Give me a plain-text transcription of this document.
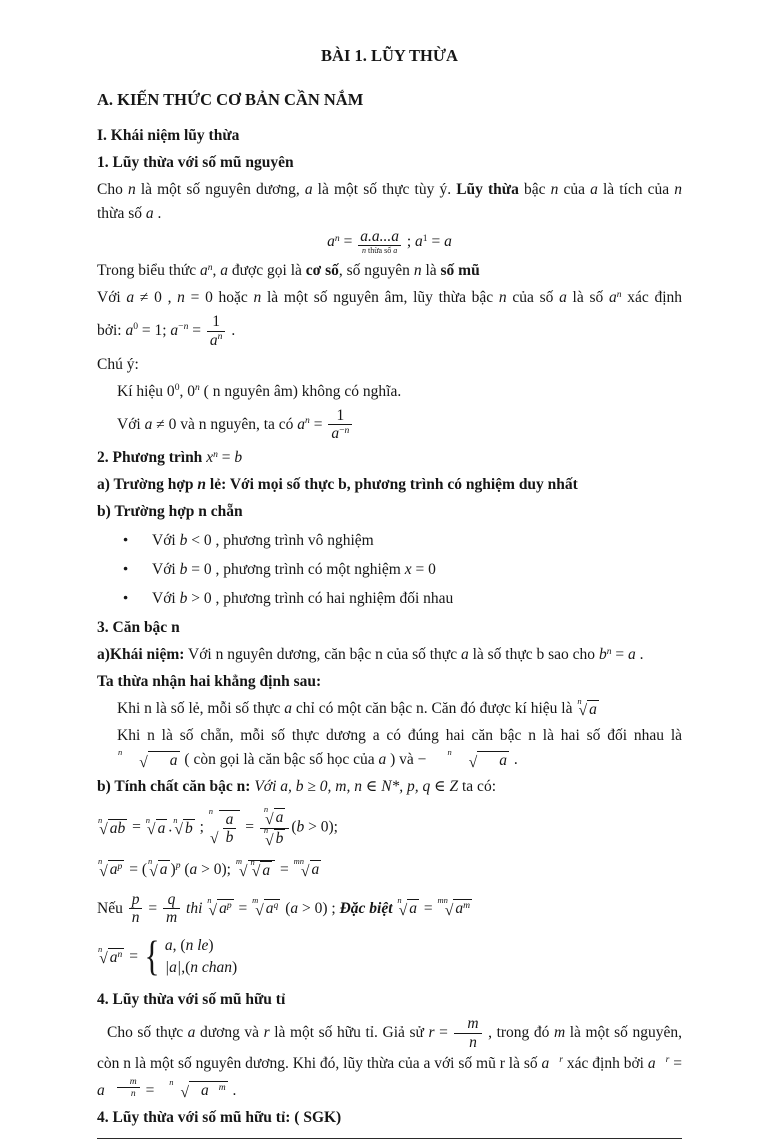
BÀI 1. LŨY THỪA
A. KIẾN THỨC CƠ BẢN CẦN NẮM
I. Khái niệm lũy thừa
1. Lũy thừa với số mũ nguyên
Cho n là một số nguyên dương, a là một số thực tùy ý. Lũy thừa bậc n của a là tích của n thừa số a .
an = a.a...a
n thừa số a
; a1 = a
Trong biểu thức an, a được gọi là cơ số, số nguyên n là số mũ
Với a ≠ 0 , n = 0 hoặc n là một số nguyên âm, lũy thừa bậc n của số a là số an xác định
bởi: a0 = 1; $a-n = \frac{1}{an}$ .
Chú ý:
Kí hiệu 00, 0n ( n nguyên âm) không có nghĩa.
Với a ≠ 0 và n nguyên, ta có an = $\frac{1}{a-n}$
2. Phương trình xn = b
a) Trường hợp n lẻ: Với mọi số thực b, phương trình có nghiệm duy nhất
b) Trường hợp n chẵn
● Với b < 0 , phương trình vô nghiệm
● Với b = 0 , phương trình có một nghiệm x = 0
● Với b > 0 , phương trình có hai nghiệm đối nhau
3. Căn bậc n
a)Khái niệm: Với n nguyên dương, căn bậc n của số thực a là số thực b sao cho bn = a .
Ta thừa nhận hai khẳng định sau:
Khi n là số lẻ, mỗi số thực a chỉ có một căn bậc n. Căn đó được kí hiệu là n
√ a
Khi n là số chẵn, mỗi số thực dương a có đúng hai căn bậc n là hai số đối nhau là
n
√	a ( còn gọi là căn bậc số học của a ) và −	n
√	a .
b) Tính chất căn bậc n: Với a, b ≥ 0, m, n ∈ N*, p, q ∈ Z ta có:
n
√ ab = n
√ a . n
√ b ;
n
√ $\frac{a}{b} = n$
√ a
n
√ b (b > 0);
n
√ ap = ( n
√ a )p (a > 0); m
√
n
√ a = mn
√ a
Nếu $\frac{p}{n} = \frac{q}{m}$ thi n
√ ap = m
√ aq (a > 0) ; Đặc biệt n
√ a = mn
√ am
n
√ an = { a, (n le)
|a|,(n chan)
4. Lũy thừa với số mũ hữu tỉ
Cho số thực a dương và r là một số hữu tỉ. Giả sử $r = \frac{m}{n}$ , trong đó m là một số nguyên, còn n là một số nguyên dương. Khi đó, lũy thừa của a với số mũ r là số a r xác định bởi a r = a $\frac{m}{n}$ =	n
√ a m .
4. Lũy thừa với số mũ hữu tỉ: ( SGK)
